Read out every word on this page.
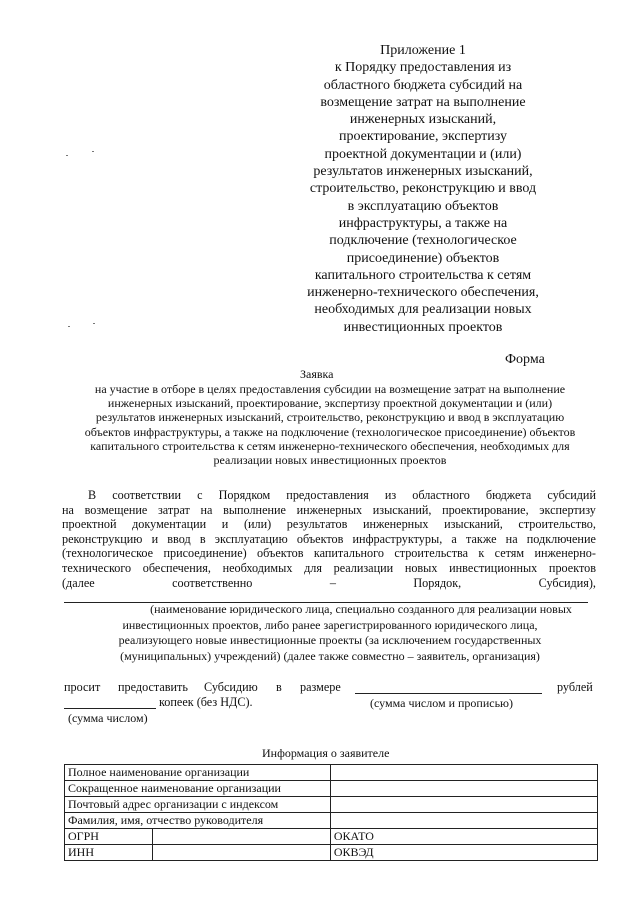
Приложение 1
к Порядку предоставления из
областного бюджета субсидий на
возмещение затрат на выполнение
инженерных изысканий,
проектирование, экспертизу
проектной документации и (или)
результатов инженерных изысканий,
строительство, реконструкцию и ввод
в эксплуатацию объектов
инфраструктуры, а также на
подключение (технологическое
присоединение) объектов
капитального строительства к сетям
инженерно-технического обеспечения,
необходимых для реализации новых
инвестиционных проектов
Форма
Заявка
на участие в отборе в целях предоставления субсидии на возмещение затрат на выполнение
инженерных изысканий, проектирование, экспертизу проектной документации и (или)
результатов инженерных изысканий, строительство, реконструкцию и ввод в эксплуатацию
объектов инфраструктуры, а также на подключение (технологическое присоединение) объектов
капитального строительства к сетям инженерно-технического обеспечения, необходимых для
реализации новых инвестиционных проектов
В соответствии с Порядком предоставления из областного бюджета субсидий
на возмещение затрат на выполнение инженерных изысканий, проектирование, экспертизу
проектной документации и (или) результатов инженерных изысканий, строительство,
реконструкцию и ввод в эксплуатацию объектов инфраструктуры, а также на подключение
(технологическое присоединение) объектов капитального строительства к сетям инженерно-
технического обеспечения, необходимых для реализации новых инвестиционных проектов
(далее	соответственно	–	Порядок,	Субсидия),
(наименование юридического лица, специально созданного для реализации новых
инвестиционных проектов, либо ранее зарегистрированного юридического лица,
реализующего новые инвестиционные проекты (за исключением государственных
(муниципальных) учреждений) (далее также совместно – заявитель, организация)
просит предоставить Субсидию в размере	рублей
копеек (без НДС).	(сумма числом и прописью)
(сумма числом)
Информация о заявителе
Полное наименование организации		
Сокращенное наименование организации		
Почтовый адрес организации с индексом		
Фамилия, имя, отчество руководителя		
ОГРН		ОКАТО
ИНН		ОКВЭД
